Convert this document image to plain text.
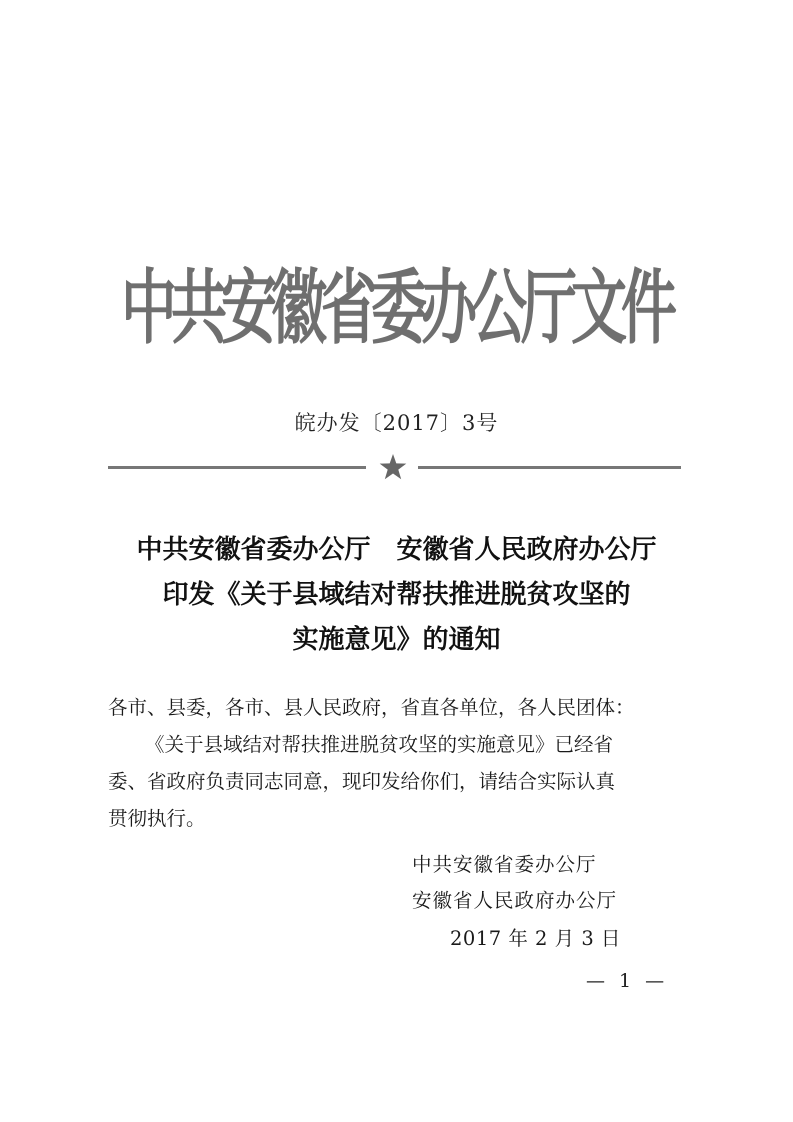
中共安徽省委办公厅文件
皖办发〔2017〕3号
中共安徽省委办公厅　安徽省人民政府办公厅
印发《关于县域结对帮扶推进脱贫攻坚的
实施意见》的通知
各市、县委，各市、县人民政府，省直各单位，各人民团体：
《关于县域结对帮扶推进脱贫攻坚的实施意见》已经省
委、省政府负责同志同意，现印发给你们，请结合实际认真
贯彻执行。
中共安徽省委办公厅
安徽省人民政府办公厅
2017 年 2 月 3 日
— 1 —
